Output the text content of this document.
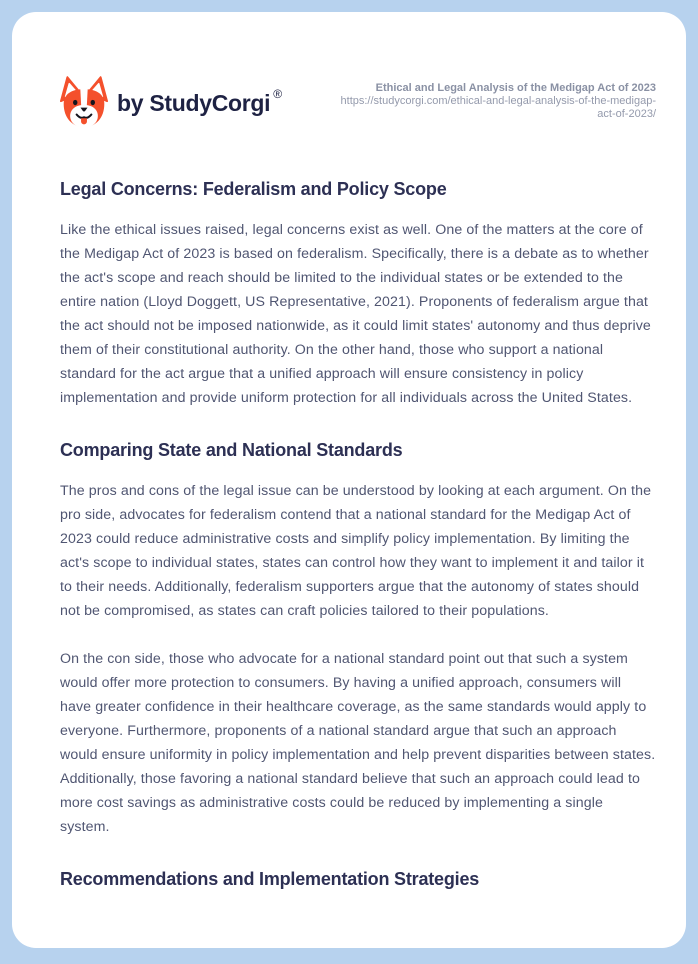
by StudyCorgi ®	Ethical and Legal Analysis of the Medigap Act of 2023
https://studycorgi.com/ethical-and-legal-analysis-of-the-medigap-act-of-2023/
Legal Concerns: Federalism and Policy Scope

Like the ethical issues raised, legal concerns exist as well. One of the matters at the core of the Medigap Act of 2023 is based on federalism. Specifically, there is a debate as to whether the act's scope and reach should be limited to the individual states or be extended to the entire nation (Lloyd Doggett, US Representative, 2021). Proponents of federalism argue that the act should not be imposed nationwide, as it could limit states' autonomy and thus deprive them of their constitutional authority. On the other hand, those who support a national standard for the act argue that a unified approach will ensure consistency in policy implementation and provide uniform protection for all individuals across the United States.

Comparing State and National Standards

The pros and cons of the legal issue can be understood by looking at each argument. On the pro side, advocates for federalism contend that a national standard for the Medigap Act of 2023 could reduce administrative costs and simplify policy implementation. By limiting the act's scope to individual states, states can control how they want to implement it and tailor it to their needs. Additionally, federalism supporters argue that the autonomy of states should not be compromised, as states can craft policies tailored to their populations.

On the con side, those who advocate for a national standard point out that such a system would offer more protection to consumers. By having a unified approach, consumers will have greater confidence in their healthcare coverage, as the same standards would apply to everyone. Furthermore, proponents of a national standard argue that such an approach would ensure uniformity in policy implementation and help prevent disparities between states. Additionally, those favoring a national standard believe that such an approach could lead to more cost savings as administrative costs could be reduced by implementing a single system.

Recommendations and Implementation Strategies
